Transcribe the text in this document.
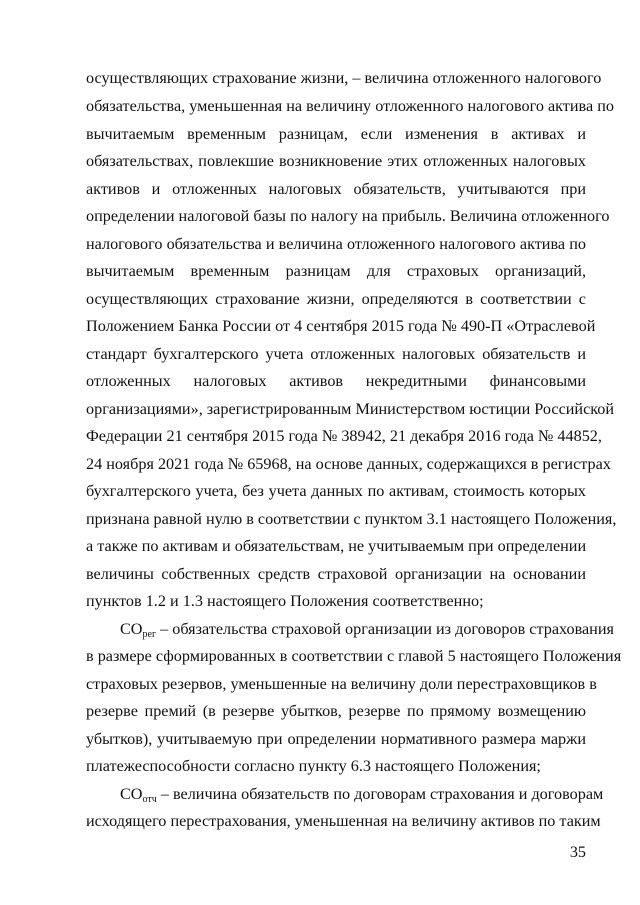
осуществляющих страхование жизни, – величина отложенного налогового
обязательства, уменьшенная на величину отложенного налогового актива по
вычитаемым временным разницам, если изменения в активах и
обязательствах, повлекшие возникновение этих отложенных налоговых
активов и отложенных налоговых обязательств, учитываются при
определении налоговой базы по налогу на прибыль. Величина отложенного
налогового обязательства и величина отложенного налогового актива по
вычитаемым временным разницам для страховых организаций,
осуществляющих страхование жизни, определяются в соответствии с
Положением Банка России от 4 сентября 2015 года № 490-П «Отраслевой
стандарт бухгалтерского учета отложенных налоговых обязательств и
отложенных налоговых активов некредитными финансовыми
организациями», зарегистрированным Министерством юстиции Российской
Федерации 21 сентября 2015 года № 38942, 21 декабря 2016 года № 44852,
24 ноября 2021 года № 65968, на основе данных, содержащихся в регистрах
бухгалтерского учета, без учета данных по активам, стоимость которых
признана равной нулю в соответствии с пунктом 3.1 настоящего Положения,
а также по активам и обязательствам, не учитываемым при определении
величины собственных средств страховой организации на основании
пунктов 1.2 и 1.3 настоящего Положения соответственно;
$CO_{рег}$ – обязательства страховой организации из договоров страхования
в размере сформированных в соответствии с главой 5 настоящего Положения
страховых резервов, уменьшенные на величину доли перестраховщиков в
резерве премий (в резерве убытков, резерве по прямому возмещению
убытков), учитываемую при определении нормативного размера маржи
платежеспособности согласно пункту 6.3 настоящего Положения;
$CO_{отч}$ – величина обязательств по договорам страхования и договорам
исходящего перестрахования, уменьшенная на величину активов по таким
35
